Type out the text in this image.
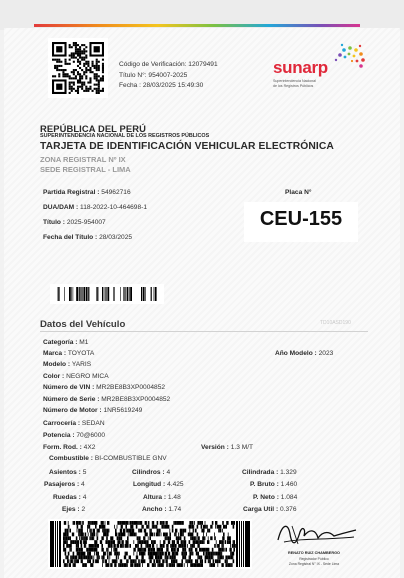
Código de Verificación: 12079491
Título N°: 954007-2025
Fecha : 28/03/2025 15:49:30
sunarp
Superintendencia Nacional
de los Registros Públicos
REPÚBLICA DEL PERÚ
SUPERINTENDENCIA NACIONAL DE LOS REGISTROS PÚBLICOS
TARJETA DE IDENTIFICACIÓN VEHICULAR ELECTRÓNICA
ZONA REGISTRAL Nº IX
SEDE REGISTRAL - LIMA
Partida Registral : 54962716
DUA/DAM : 118-2022-10-464698-1
Título : 2025-954007
Fecha del Título : 28/03/2025
Placa N°
CEU-155
Datos del Vehículo	TD10ASD190
Categoría : M1
Marca : TOYOTA	Año Modelo : 2023
Modelo : YARIS
Color : NEGRO MICA
Número de VIN : MR2BE8B3XP0004852
Número de Serie : MR2BE8B3XP0004852
Número de Motor : 1NR5619249
Carrocería : SEDAN
Potencia : 70@6000
Form. Rod. : 4X2	Versión : 1.3 M/T
Combustible : BI-COMBUSTIBLE GNV
Asientos : 5	Cilindros : 4	Cilindrada : 1.329
Pasajeros : 4	Longitud : 4.425	P. Bruto : 1.460
Ruedas : 4	Altura : 1.48	P. Neto : 1.084
Ejes : 2	Ancho : 1.74	Carga Util : 0.376
RENATO RUIZ CHAMBERGO
Registrador Público
Zona Registral N° IX - Sede Lima
